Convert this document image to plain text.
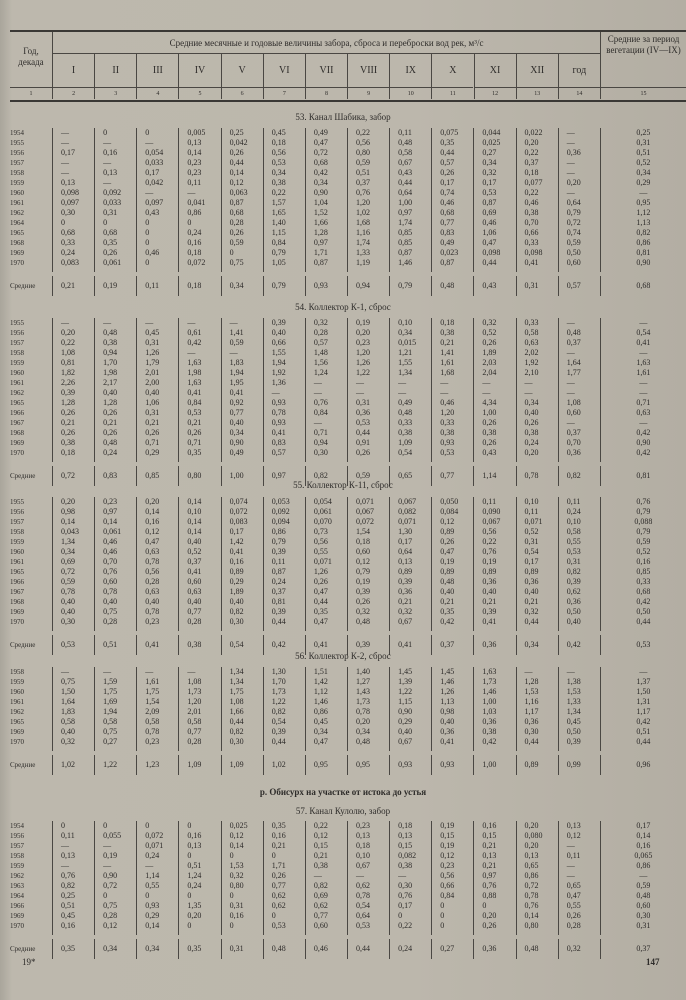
Год, декада
Средние месячные и годовые величины забора, сброса и переброски вод рек, м³/с	Средние за период вегетации (IV—IX)
I	II	III	IV	V	VI	VII	VIII	IX	X	XI	XII	год
1	2	3	4	5	6	7	8	9	10	11	12	13	14	15
53. Канал Шабика, забор
1954	—	0	0	0,005	0,25	0,45	0,49	0,22	0,11	0,075	0,044	0,022	—	0,25
1955	—	—	—	0,13	0,042	0,18	0,47	0,56	0,48	0,35	0,025	0,20	—	0,31
1956	0,17	0,16	0,054	0,14	0,26	0,56	0,72	0,80	0,58	0,44	0,27	0,22	0,36	0,51
1957	—	—	0,033	0,23	0,44	0,53	0,68	0,59	0,67	0,57	0,34	0,37	—	0,52
1958	—	0,13	0,17	0,23	0,14	0,34	0,42	0,51	0,43	0,26	0,32	0,18	—	0,34
1959	0,13	—	0,042	0,11	0,12	0,38	0,34	0,37	0,44	0,17	0,17	0,077	0,20	0,29
1960	0,098	0,092	—	—	0,063	0,22	0,90	0,76	0,64	0,74	0,53	0,22	—	—
1961	0,097	0,033	0,097	0,041	0,87	1,57	1,04	1,20	1,00	0,46	0,87	0,46	0,64	0,95
1962	0,30	0,31	0,43	0,86	0,68	1,65	1,52	1,02	0,97	0,68	0,69	0,38	0,79	1,12
1964	0	0	0	0	0,28	1,40	1,66	1,68	1,74	0,77	0,46	0,70	0,72	1,13
1965	0,68	0,68	0	0,24	0,26	1,15	1,28	1,16	0,85	0,83	1,06	0,66	0,74	0,82
1968	0,33	0,35	0	0,16	0,59	0,84	0,97	1,74	0,85	0,49	0,47	0,33	0,59	0,86
1969	0,24	0,26	0,46	0,18	0	0,79	1,71	1,33	0,87	0,023	0,098	0,098	0,50	0,81
1970	0,083	0,061	0	0,072	0,75	1,05	0,87	1,19	1,46	0,87	0,44	0,41	0,60	0,90
Средние	0,21	0,19	0,11	0,18	0,34	0,79	0,93	0,94	0,79	0,48	0,43	0,31	0,57	0,68
54. Коллектор К-1, сброс
1955	—	—	—	—	—	0,39	0,32	0,19	0,10	0,18	0,32	0,33	—	—
1956	0,20	0,48	0,45	0,61	1,41	0,40	0,28	0,20	0,34	0,38	0,52	0,58	0,48	0,54
1957	0,22	0,38	0,31	0,42	0,59	0,66	0,57	0,23	0,015	0,21	0,26	0,63	0,37	0,41
1958	1,08	0,94	1,26	—	—	1,55	1,48	1,20	1,21	1,41	1,89	2,02	—	—
1959	0,81	1,70	1,79	1,63	1,83	1,94	1,56	1,26	1,55	1,61	2,03	1,92	1,64	1,63
1960	1,82	1,98	2,01	1,98	1,94	1,92	1,24	1,22	1,34	1,68	2,04	2,10	1,77	1,61
1961	2,26	2,17	2,00	1,63	1,95	1,36	—	—	—	—	—	—	—	—
1962	0,39	0,40	0,40	0,41	0,41	—	—	—	—	—	—	—	—	—
1965	1,28	1,28	1,06	0,84	0,92	0,93	0,76	0,31	0,49	0,46	4,34	0,34	1,08	0,71
1966	0,26	0,26	0,31	0,53	0,77	0,78	0,84	0,36	0,48	1,20	1,00	0,40	0,60	0,63
1967	0,21	0,21	0,21	0,21	0,40	0,93	—	0,53	0,33	0,33	0,26	0,26	—	—
1968	0,26	0,26	0,26	0,26	0,34	0,41	0,71	0,44	0,38	0,38	0,38	0,38	0,37	0,42
1969	0,38	0,48	0,71	0,71	0,90	0,83	0,94	0,91	1,09	0,93	0,26	0,24	0,70	0,90
1970	0,18	0,24	0,29	0,35	0,49	0,57	0,30	0,26	0,54	0,53	0,43	0,20	0,36	0,42
Средние	0,72	0,83	0,85	0,80	1,00	0,97	0,82	0,59	0,65	0,77	1,14	0,78	0,82	0,81
55. Коллектор К-11, сброс
1955	0,20	0,23	0,20	0,14	0,074	0,053	0,054	0,071	0,067	0,050	0,11	0,10	0,11	0,76
1956	0,98	0,97	0,14	0,10	0,072	0,092	0,061	0,067	0,082	0,084	0,090	0,11	0,24	0,79
1957	0,14	0,14	0,16	0,14	0,083	0,094	0,070	0,072	0,071	0,12	0,067	0,071	0,10	0,088
1958	0,043	0,061	0,12	0,14	0,17	0,86	0,73	1,54	1,30	0,89	0,56	0,52	0,58	0,79
1959	1,34	0,46	0,47	0,40	1,42	0,79	0,56	0,18	0,17	0,26	0,22	0,31	0,55	0,59
1960	0,34	0,46	0,63	0,52	0,41	0,39	0,55	0,60	0,64	0,47	0,76	0,54	0,53	0,52
1961	0,69	0,70	0,78	0,37	0,16	0,11	0,071	0,12	0,13	0,19	0,19	0,17	0,31	0,16
1965	0,72	0,76	0,56	0,41	0,89	0,87	1,26	0,79	0,89	0,89	0,89	0,89	0,82	0,85
1966	0,59	0,60	0,28	0,60	0,29	0,24	0,26	0,19	0,39	0,48	0,36	0,36	0,39	0,33
1967	0,78	0,78	0,63	0,63	1,89	0,37	0,47	0,39	0,36	0,40	0,40	0,40	0,62	0,68
1968	0,40	0,40	0,40	0,40	0,40	0,81	0,44	0,26	0,21	0,21	0,21	0,21	0,36	0,42
1969	0,40	0,75	0,78	0,77	0,82	0,39	0,35	0,32	0,32	0,35	0,39	0,32	0,50	0,50
1970	0,30	0,28	0,23	0,28	0,30	0,44	0,47	0,48	0,67	0,42	0,41	0,44	0,40	0,44
Средние	0,53	0,51	0,41	0,38	0,54	0,42	0,41	0,39	0,41	0,37	0,36	0,34	0,42	0,53
56. Коллектор К-2, сброс
1958	—	—	—	—	1,34	1,30	1,51	1,40	1,45	1,45	1,63	—	—	—
1959	0,75	1,59	1,61	1,08	1,34	1,70	1,42	1,27	1,39	1,46	1,73	1,28	1,38	1,37
1960	1,50	1,75	1,75	1,73	1,75	1,73	1,12	1,43	1,22	1,26	1,46	1,53	1,53	1,50
1961	1,64	1,69	1,54	1,20	1,08	1,22	1,46	1,73	1,15	1,13	1,00	1,16	1,33	1,31
1962	1,83	1,94	2,09	2,01	1,66	0,82	0,86	0,78	0,90	0,98	1,03	1,17	1,34	1,17
1965	0,58	0,58	0,58	0,58	0,44	0,54	0,45	0,20	0,29	0,40	0,36	0,36	0,45	0,42
1969	0,40	0,75	0,78	0,77	0,82	0,39	0,34	0,34	0,40	0,36	0,38	0,30	0,50	0,51
1970	0,32	0,27	0,23	0,28	0,30	0,44	0,47	0,48	0,67	0,41	0,42	0,44	0,39	0,44
Средние	1,02	1,22	1,23	1,09	1,09	1,02	0,95	0,95	0,93	0,93	1,00	0,89	0,99	0,96
р. Обисурх на участке от истока до устья
57. Канал Кулолю, забор
1954	0	0	0	0	0,025	0,35	0,22	0,23	0,18	0,19	0,16	0,20	0,13	0,17
1956	0,11	0,055	0,072	0,16	0,12	0,16	0,12	0,13	0,13	0,15	0,15	0,080	0,12	0,14
1957	—	—	0,071	0,13	0,14	0,21	0,15	0,18	0,15	0,19	0,21	0,20	—	0,16
1958	0,13	0,19	0,24	0	0	0	0,21	0,10	0,082	0,12	0,13	0,13	0,11	0,065
1959	—	—	—	0,51	1,53	1,71	0,38	0,67	0,38	0,23	0,21	0,65	—	0,86
1962	0,76	0,90	1,14	1,24	0,32	0,26	—	—	—	0,56	0,97	0,86	—	—
1963	0,82	0,72	0,55	0,24	0,80	0,77	0,82	0,62	0,30	0,66	0,76	0,72	0,65	0,59
1964	0,25	0	0	0	0	0,62	0,69	0,78	0,76	0,84	0,88	0,78	0,47	0,48
1966	0,51	0,75	0,93	1,35	0,31	0,62	0,62	0,54	0,17	0	0	0,76	0,55	0,60
1969	0,45	0,28	0,29	0,20	0,16	0	0,77	0,64	0	0	0,20	0,14	0,26	0,30
1970	0,16	0,12	0,14	0	0	0,53	0,60	0,53	0,22	0	0,26	0,80	0,28	0,31
Средние	0,35	0,34	0,34	0,35	0,31	0,48	0,46	0,44	0,24	0,27	0,36	0,48	0,32	0,37
19*	147
